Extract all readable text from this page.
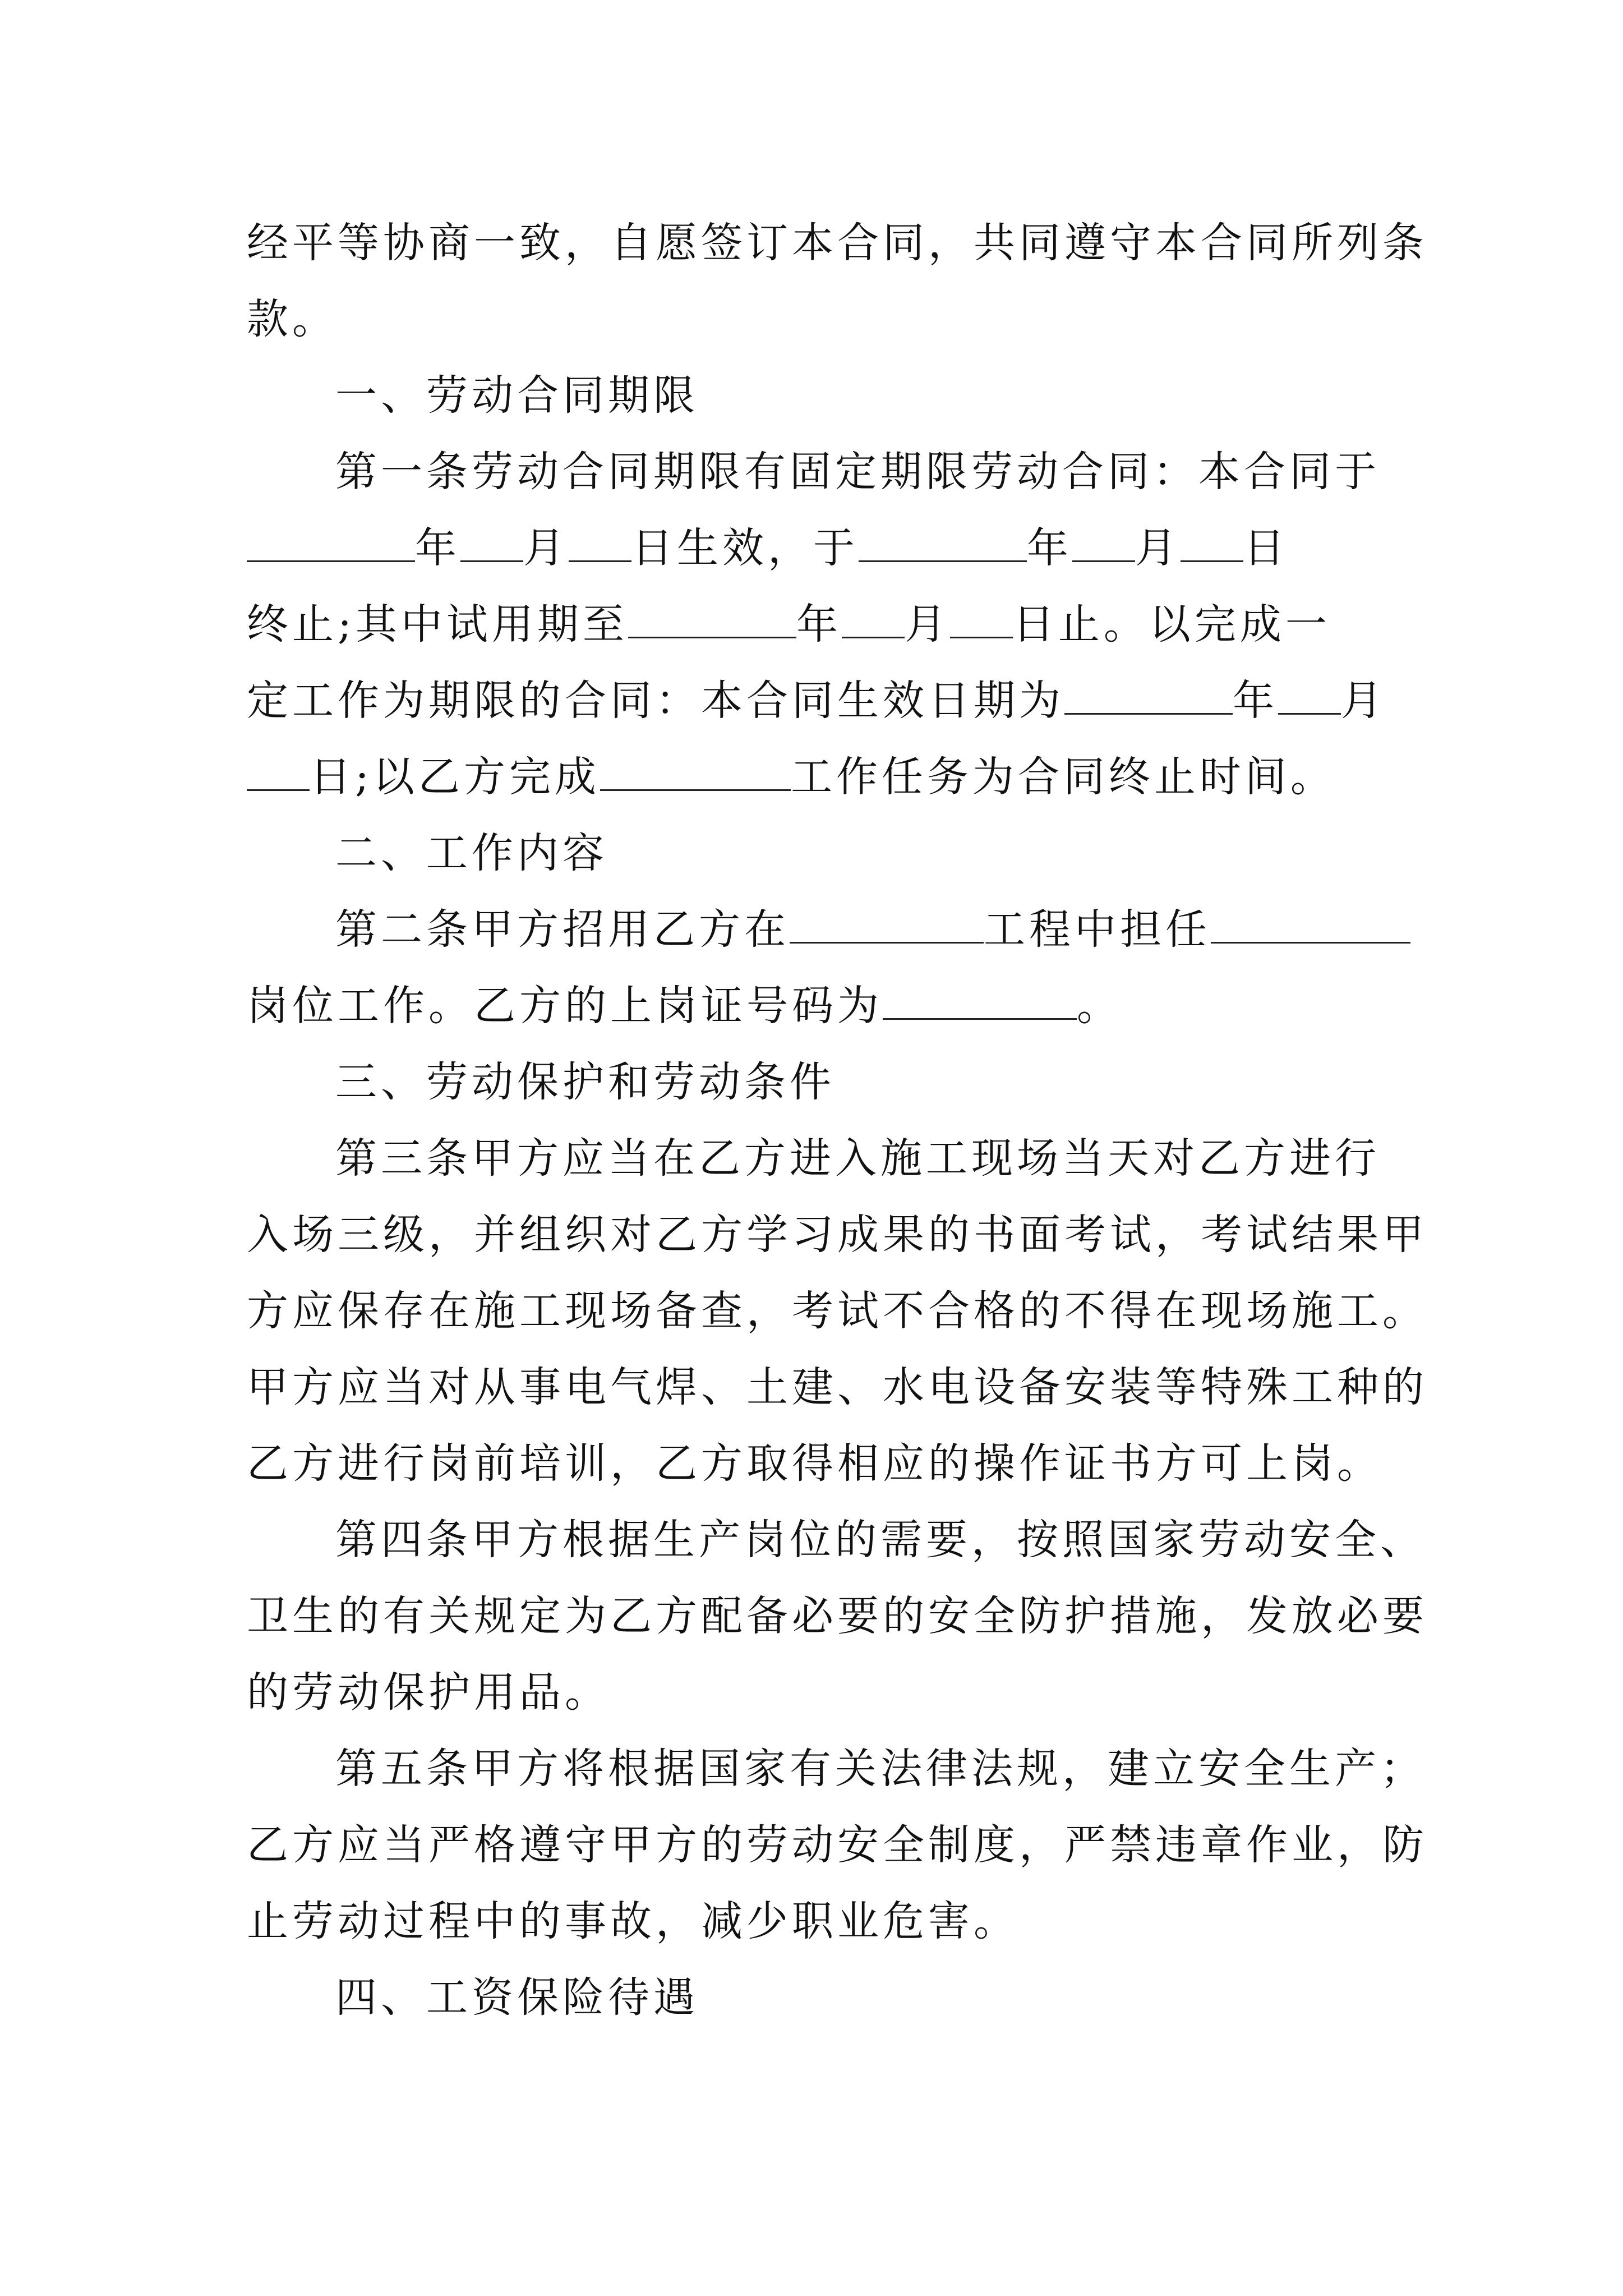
经平等协商一致，自愿签订本合同，共同遵守本合同所列条
款。
一、劳动合同期限
第一条劳动合同期限有固定期限劳动合同：本合同于
年 月 日生效，于	年 月 日
终止;其中试用期至	年 月 日止。以完成一
定工作为期限的合同：本合同生效日期为	年 月
日;以乙方完成	工作任务为合同终止时间。
二、工作内容
第二条甲方招用乙方在	工程中担任
岗位工作。乙方的上岗证号码为	。
三、劳动保护和劳动条件
第三条甲方应当在乙方进入施工现场当天对乙方进行
入场三级，并组织对乙方学习成果的书面考试，考试结果甲
方应保存在施工现场备查，考试不合格的不得在现场施工。
甲方应当对从事电气焊、土建、水电设备安装等特殊工种的
乙方进行岗前培训，乙方取得相应的操作证书方可上岗。
第四条甲方根据生产岗位的需要，按照国家劳动安全、
卫生的有关规定为乙方配备必要的安全防护措施，发放必要
的劳动保护用品。
第五条甲方将根据国家有关法律法规，建立安全生产；
乙方应当严格遵守甲方的劳动安全制度，严禁违章作业，防
止劳动过程中的事故，减少职业危害。
四、工资保险待遇
